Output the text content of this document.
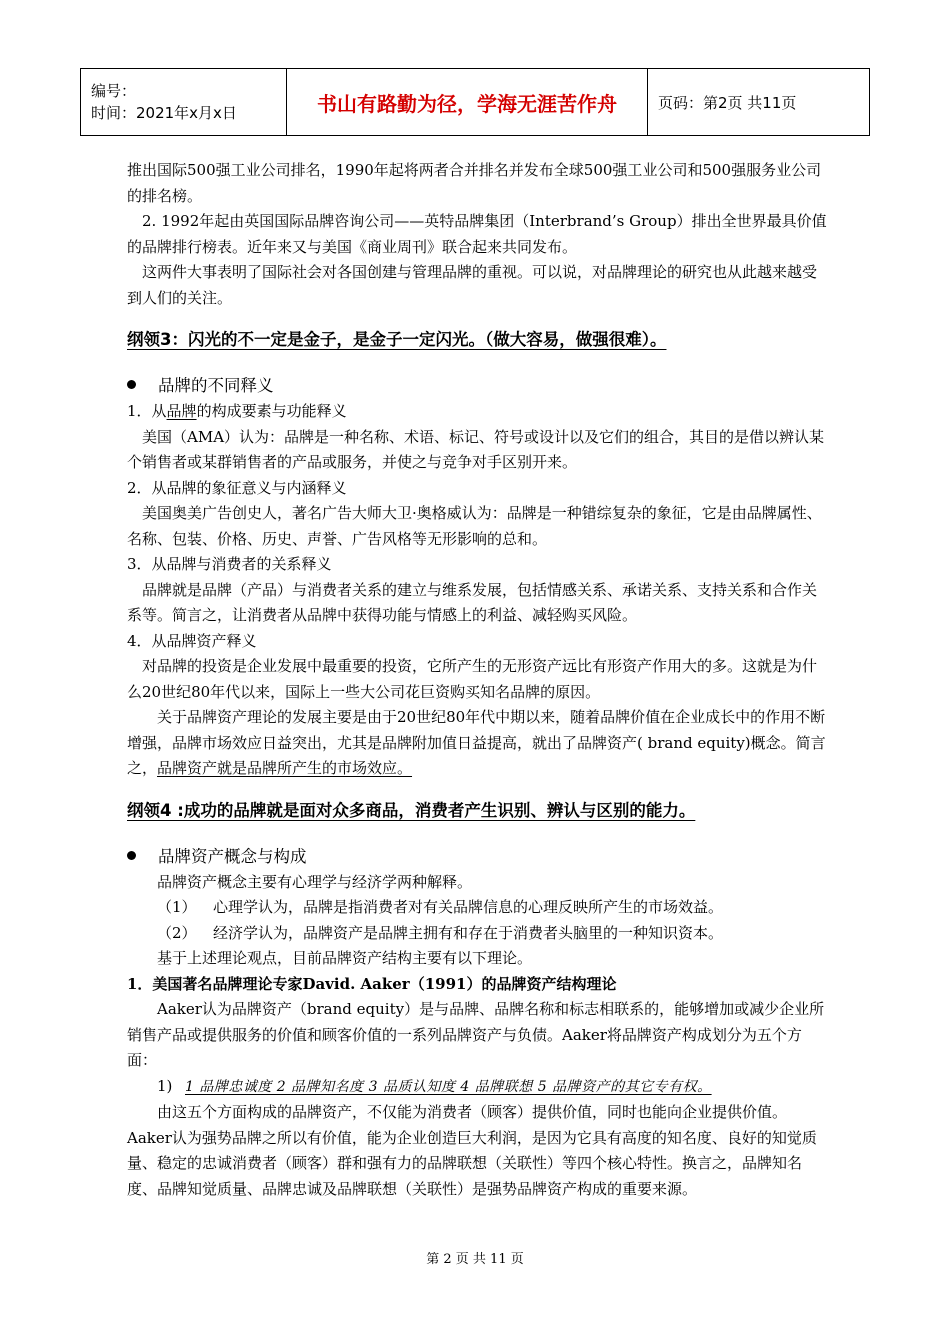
编号：
时间：2021年x月x日	书山有路勤为径，学海无涯苦作舟	页码：第2页 共11页

推出国际500强工业公司排名，1990年起将两者合并排名并发布全球500强工业公司和500强服务业公司的排名榜。

2. 1992年起由英国国际品牌咨询公司——英特品牌集团（Interbrand’s Group）排出全世界最具价值的品牌排行榜表。近年来又与美国《商业周刊》联合起来共同发布。

这两件大事表明了国际社会对各国创建与管理品牌的重视。可以说，对品牌理论的研究也从此越来越受到人们的关注。

纲领3：闪光的不一定是金子，是金子一定闪光。（做大容易，做强很难）。

品牌的不同释义

1．从品牌的构成要素与功能释义

美国（AMA）认为：品牌是一种名称、术语、标记、符号或设计以及它们的组合，其目的是借以辨认某个销售者或某群销售者的产品或服务，并使之与竞争对手区别开来。

2．从品牌的象征意义与内涵释义

美国奥美广告创史人，著名广告大师大卫·奥格威认为：品牌是一种错综复杂的象征，它是由品牌属性、名称、包装、价格、历史、声誉、广告风格等无形影响的总和。

3．从品牌与消费者的关系释义

品牌就是品牌（产品）与消费者关系的建立与维系发展，包括情感关系、承诺关系、支持关系和合作关系等。简言之，让消费者从品牌中获得功能与情感上的利益、减轻购买风险。

4．从品牌资产释义

对品牌的投资是企业发展中最重要的投资，它所产生的无形资产远比有形资产作用大的多。这就是为什么20世纪80年代以来，国际上一些大公司花巨资购买知名品牌的原因。

关于品牌资产理论的发展主要是由于20世纪80年代中期以来，随着品牌价值在企业成长中的作用不断增强，品牌市场效应日益突出，尤其是品牌附加值日益提高，就出了品牌资产( brand equity)概念。简言之，品牌资产就是品牌所产生的市场效应。

纲领4 :成功的品牌就是面对众多商品，消费者产生识别、辨认与区别的能力。

品牌资产概念与构成

品牌资产概念主要有心理学与经济学两种解释。

（1） 心理学认为，品牌是指消费者对有关品牌信息的心理反映所产生的市场效益。

（2） 经济学认为，品牌资产是品牌主拥有和存在于消费者头脑里的一种知识资本。

基于上述理论观点，目前品牌资产结构主要有以下理论。

1．美国著名品牌理论专家David. Aaker（1991）的品牌资产结构理论

Aaker认为品牌资产（brand equity）是与品牌、品牌名称和标志相联系的，能够增加或减少企业所销售产品或提供服务的价值和顾客价值的一系列品牌资产与负债。Aaker将品牌资产构成划分为五个方面：

1) 1 品牌忠诚度 2 品牌知名度 3 品质认知度 4 品牌联想 5 品牌资产的其它专有权。

由这五个方面构成的品牌资产，不仅能为消费者（顾客）提供价值，同时也能向企业提供价值。Aaker认为强势品牌之所以有价值，能为企业创造巨大利润，是因为它具有高度的知名度、良好的知觉质量、稳定的忠诚消费者（顾客）群和强有力的品牌联想（关联性）等四个核心特性。换言之，品牌知名度、品牌知觉质量、品牌忠诚及品牌联想（关联性）是强势品牌资产构成的重要来源。

第 2 页 共 11 页
